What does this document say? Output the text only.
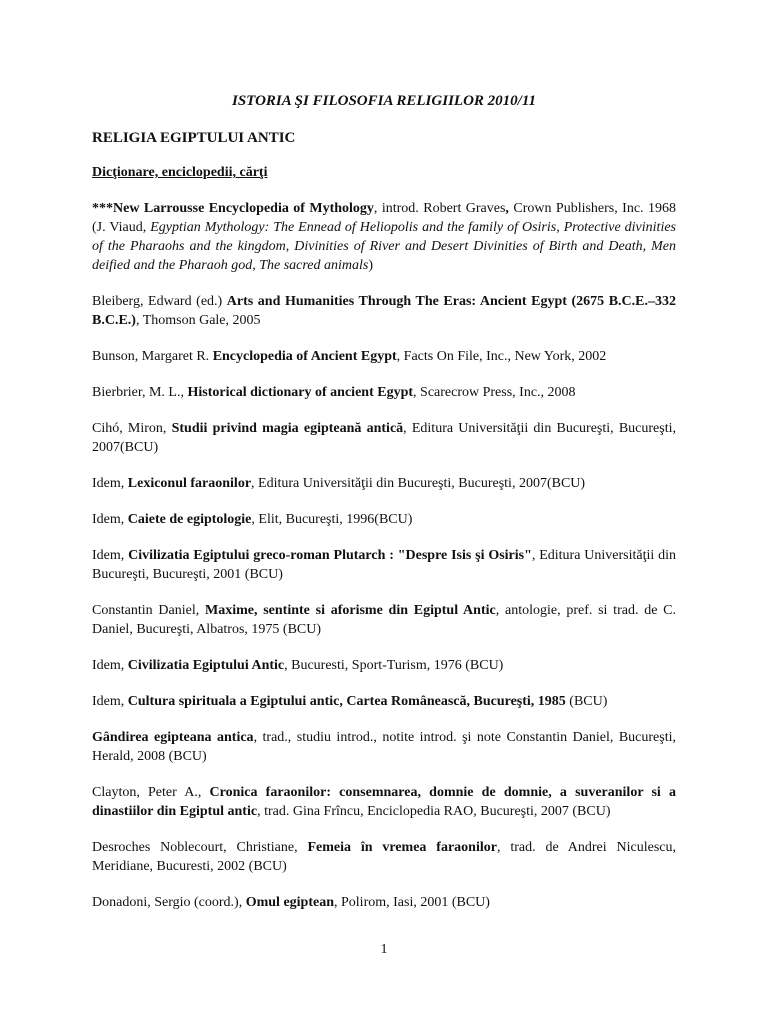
ISTORIA ŞI FILOSOFIA RELIGIILOR 2010/11
RELIGIA EGIPTULUI ANTIC
Dicţionare, enciclopedii, cărţi

***New Larrousse Encyclopedia of Mythology, introd. Robert Graves, Crown Publishers, Inc. 1968 (J. Viaud, Egyptian Mythology: The Ennead of Heliopolis and the family of Osiris, Protective divinities of the Pharaohs and the kingdom, Divinities of River and Desert Divinities of Birth and Death, Men deified and the Pharaoh god, The sacred animals)

Bleiberg, Edward (ed.) Arts and Humanities Through The Eras: Ancient Egypt (2675 B.C.E.–332 B.C.E.), Thomson Gale, 2005

Bunson, Margaret R. Encyclopedia of Ancient Egypt, Facts On File, Inc., New York, 2002

Bierbrier, M. L., Historical dictionary of ancient Egypt, Scarecrow Press, Inc., 2008

Cihó, Miron, Studii privind magia egipteană antică, Editura Universităţii din Bucureşti, Bucureşti, 2007(BCU)

Idem, Lexiconul faraonilor, Editura Universităţii din Bucureşti, Bucureşti, 2007(BCU)

Idem, Caiete de egiptologie, Elit, Bucureşti, 1996(BCU)

Idem, Civilizatia Egiptului greco-roman Plutarch : "Despre Isis şi Osiris", Editura Universităţii din Bucureşti, Bucureşti, 2001 (BCU)

Constantin Daniel, Maxime, sentinte si aforisme din Egiptul Antic, antologie, pref. si trad. de C. Daniel, Bucureşti, Albatros, 1975 (BCU)

Idem, Civilizatia Egiptului Antic, Bucuresti, Sport-Turism, 1976 (BCU)

Idem, Cultura spirituala a Egiptului antic, Cartea Românească, Bucureşti, 1985 (BCU)

Gândirea egipteana antica, trad., studiu introd., notite introd. şi note Constantin Daniel, Bucureşti, Herald, 2008 (BCU)

Clayton, Peter A., Cronica faraonilor: consemnarea, domnie de domnie, a suveranilor si a dinastiilor din Egiptul antic, trad. Gina Frîncu, Enciclopedia RAO, Bucureşti, 2007 (BCU)

Desroches Noblecourt, Christiane, Femeia în vremea faraonilor, trad. de Andrei Niculescu, Meridiane, Bucuresti, 2002 (BCU)

Donadoni, Sergio (coord.), Omul egiptean, Polirom, Iasi, 2001 (BCU)

1
